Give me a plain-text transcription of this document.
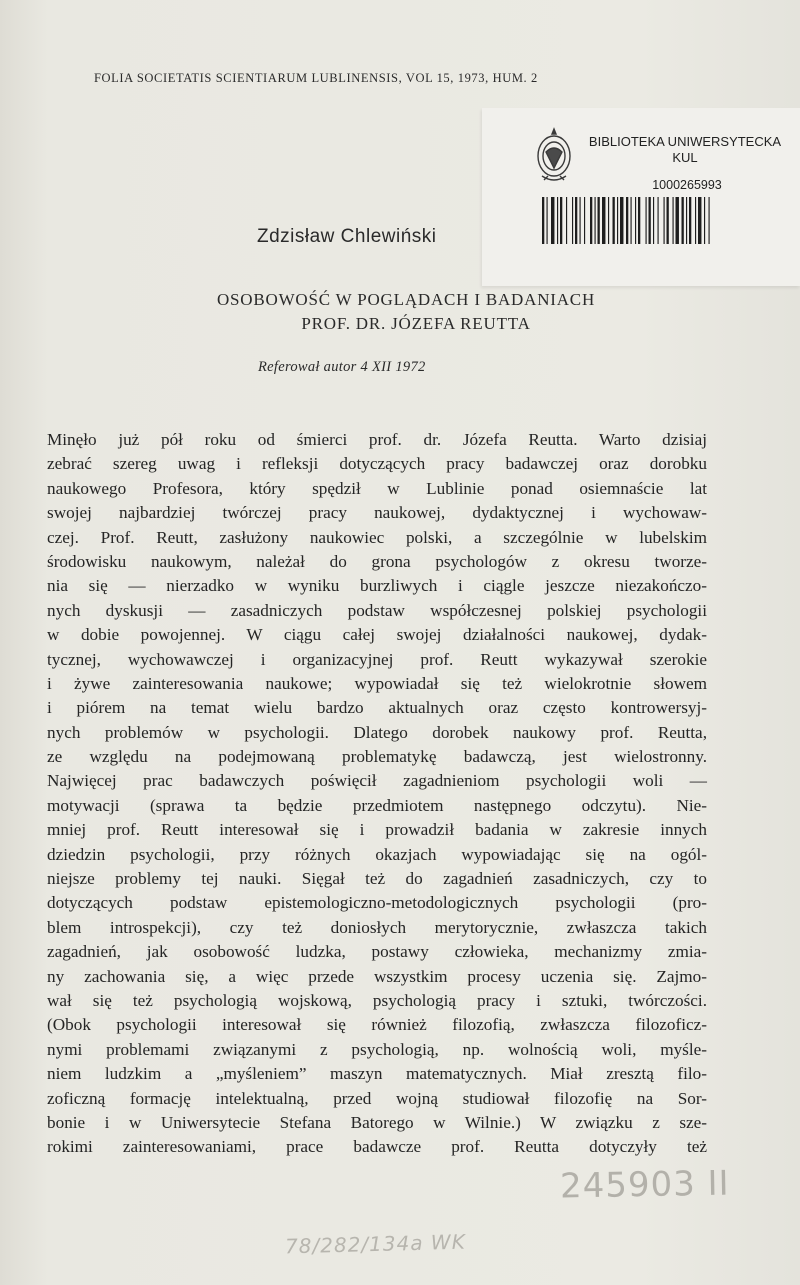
FOLIA SOCIETATIS SCIENTIARUM LUBLINENSIS, VOL 15, 1973, HUM. 2
BIBLIOTEKA UNIWERSYTECKA
KUL
1000265993
Zdzisław Chlewiński
OSOBOWOŚĆ W POGLĄDACH I BADANIACH
PROF. DR. JÓZEFA REUTTA
Referował autor 4 XII 1972
Minęło już pół roku od śmierci prof. dr. Józefa Reutta. Warto dzisiaj
zebrać szereg uwag i refleksji dotyczących pracy badawczej oraz dorobku
naukowego Profesora, który spędził w Lublinie ponad osiemnaście lat
swojej najbardziej twórczej pracy naukowej, dydaktycznej i wychowaw-
czej. Prof. Reutt, zasłużony naukowiec polski, a szczególnie w lubelskim
środowisku naukowym, należał do grona psychologów z okresu tworze-
nia się — nierzadko w wyniku burzliwych i ciągle jeszcze niezakończo-
nych dyskusji — zasadniczych podstaw współczesnej polskiej psychologii
w dobie powojennej. W ciągu całej swojej działalności naukowej, dydak-
tycznej, wychowawczej i organizacyjnej prof. Reutt wykazywał szerokie
i żywe zainteresowania naukowe; wypowiadał się też wielokrotnie słowem
i piórem na temat wielu bardzo aktualnych oraz często kontrowersyj-
nych problemów w psychologii. Dlatego dorobek naukowy prof. Reutta,
ze względu na podejmowaną problematykę badawczą, jest wielostronny.
Najwięcej prac badawczych poświęcił zagadnieniom psychologii woli —
motywacji (sprawa ta będzie przedmiotem następnego odczytu). Nie-
mniej prof. Reutt interesował się i prowadził badania w zakresie innych
dziedzin psychologii, przy różnych okazjach wypowiadając się na ogól-
niejsze problemy tej nauki. Sięgał też do zagadnień zasadniczych, czy to
dotyczących podstaw epistemologiczno-metodologicznych psychologii (pro-
blem introspekcji), czy też doniosłych merytorycznie, zwłaszcza takich
zagadnień, jak osobowość ludzka, postawy człowieka, mechanizmy zmia-
ny zachowania się, a więc przede wszystkim procesy uczenia się. Zajmo-
wał się też psychologią wojskową, psychologią pracy i sztuki, twórczości.
(Obok psychologii interesował się również filozofią, zwłaszcza filozoficz-
nymi problemami związanymi z psychologią, np. wolnością woli, myśle-
niem ludzkim a „myśleniem” maszyn matematycznych. Miał zresztą filo-
zoficzną formację intelektualną, przed wojną studiował filozofię na Sor-
bonie i w Uniwersytecie Stefana Batorego w Wilnie.) W związku z sze-
rokimi zainteresowaniami, prace badawcze prof. Reutta dotyczyły też
245903 II
78/282/134a WK
